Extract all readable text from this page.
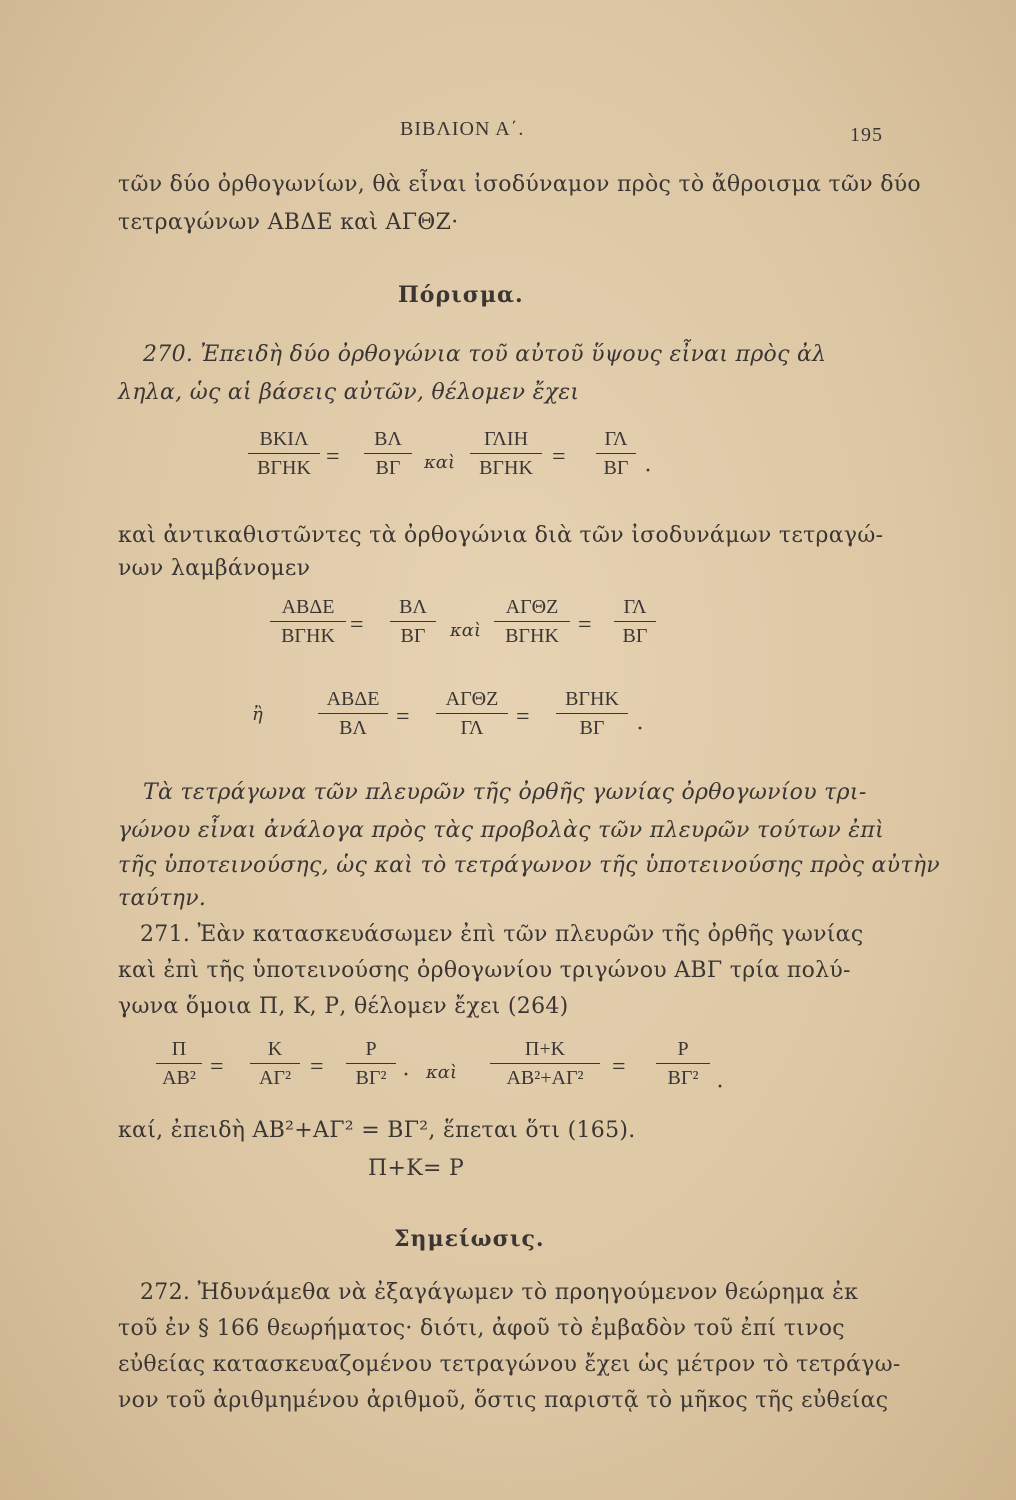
ΒΙΒΛΙΟΝ Α΄.	195
τῶν δύο ὀρθογωνίων, θὰ εἶναι ἰσοδύναμον πρὸς τὸ ἄθροισμα τῶν δύο
τετραγώνων ΑΒΔΕ καὶ ΑΓΘΖ·
Πόρισμα.
270. Ἐπειδὴ δύο ὀρθογώνια τοῦ αὐτοῦ ὕψους εἶναι πρὸς ἀλ
ληλα, ὡς αἱ βάσεις αὐτῶν, θέλομεν ἔχει
ΒΚΙΛ
ΒΓΗΚ =
ΒΛ
ΒΓ	καὶ
ΓΛΙΗ
ΒΓΗΚ =
ΓΛ
ΒΓ ·
καὶ ἀντικαθιστῶντες τὰ ὀρθογώνια διὰ τῶν ἰσοδυνάμων τετραγώ-
νων λαμβάνομεν
ΑΒΔΕ
ΒΓΗΚ =
ΒΛ
ΒΓ	καὶ
ΑΓΘΖ
ΒΓΗΚ =
ΓΛ
ΒΓ
ἢ
ΑΒΔΕ
ΒΛ	=
ΑΓΘΖ
ΓΛ	=
ΒΓΗΚ
ΒΓ	·
Τὰ τετράγωνα τῶν πλευρῶν τῆς ὀρθῆς γωνίας ὀρθογωνίου τρι-
γώνου εἶναι ἀνάλογα πρὸς τὰς προβολὰς τῶν πλευρῶν τούτων ἐπὶ
τῆς ὑποτεινούσης, ὡς καὶ τὸ τετράγωνον τῆς ὑποτεινούσης πρὸς αὐτὴν
ταύτην.
271. Ἐὰν κατασκευάσωμεν ἐπὶ τῶν πλευρῶν τῆς ὀρθῆς γωνίας
καὶ ἐπὶ τῆς ὑποτεινούσης ὀρθογωνίου τριγώνου ΑΒΓ τρία πολύ-
γωνα ὅμοια Π, Κ, Ρ, θέλομεν ἔχει (264)
Π
ΑΒ² =
Κ
ΑΓ² =
Ρ
ΒΓ² · καὶ
Π+Κ
ΑΒ²+ΑΓ²	=
Ρ
ΒΓ² ·
καί, ἐπειδὴ ΑΒ²+ΑΓ² = ΒΓ², ἕπεται ὅτι (165).
Π+Κ= Ρ
Σημείωσις.
272. Ἠδυνάμεθα νὰ ἐξαγάγωμεν τὸ προηγούμενον θεώρημα ἐκ
τοῦ ἐν § 166 θεωρήματος· διότι, ἀφοῦ τὸ ἐμβαδὸν τοῦ ἐπί τινος
εὐθείας κατασκευαζομένου τετραγώνου ἔχει ὡς μέτρον τὸ τετράγω-
νον τοῦ ἀριθμημένου ἀριθμοῦ, ὅστις παριστᾷ τὸ μῆκος τῆς εὐθείας
